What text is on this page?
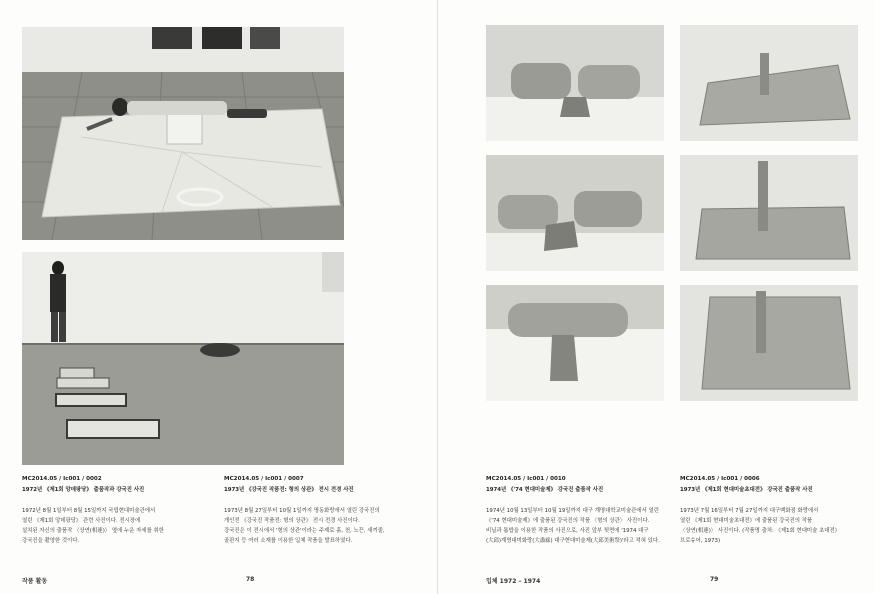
MC2014.05 / Ic001 / 0002
1972년 《제1회 앙데팡당》 출품작과 강국진 사진

1972년 8월 1일부터 8월 15일까지 국립현대미술관에서

열린 《제1회 앙데팡당》 관련 사진이다. 전시장에

설치된 자신의 출품작 〈상연(相連)〉 옆에 누운 자세를 취한

강국진을 촬영한 것이다.

MC2014.05 / Ic001 / 0007
1973년 《강국진 작품전: 형의 상관》 전시 전경 사진

1973년 8월 27일부터 10월 1일까지 명동화랑에서 열린 강국진의

개인전 《강국진 작품전: 형의 상관》 전시 전경 사진이다.

강국진은 이 전시에서 '형의 상관'이라는 주제로 흙, 천, 노끈, 새끼줄,

골판지 등 여러 소재를 이용한 입체 작품을 발표하였다.

작품 활동	78
MC2014.05 / Ic001 / 0010
1974년 《'74 현대미술제》 강국진 출품작 사진

1974년 10월 13일부터 10월 19일까지 대구 계명대학교미술관에서 열린

《'74 현대미술제》에 출품된 강국진의 작품 〈형의 상관〉 사진이다.

비닐과 톱밥을 이용한 작품의 사진으로, 사진 앞부 뒷면에 '1974 대구

(大邱)계명대미화랑(大畵廊) 대구현대미술제(大邱美術祭)'라고 적혀 있다.

MC2014.05 / Ic001 / 0006
1973년 《제1회 현대미술초대전》 강국진 출품작 사진

1973년 7월 16일부터 7월 27일까지 대구백화점 화랑에서

열린 《제1회 현대미술초대전》에 출품된 강국진의 작품

〈상연(相連)〉 사진이다. (작품명 출처: 《제1회 현대미술 초대전》

브로슈어, 1973)

입체 1972 – 1974	79
